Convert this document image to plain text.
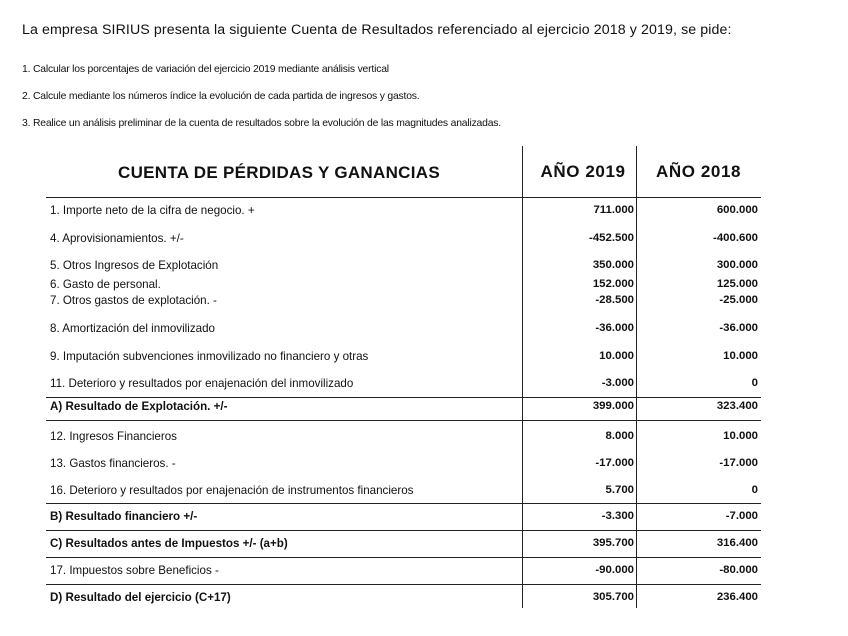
La empresa SIRIUS presenta la siguiente Cuenta de Resultados referenciado al ejercicio 2018 y 2019, se pide:
1. Calcular los porcentajes de variación del ejercicio 2019 mediante análisis vertical
2. Calcule mediante los números índice la evolución de cada partida de ingresos y gastos.
3. Realice un análisis preliminar de la cuenta de resultados sobre la evolución de las magnitudes analizadas.
CUENTA DE PÉRDIDAS Y GANANCIAS	AÑO 2019	AÑO 2018
1. Importe neto de la cifra de negocio. +	711.000	600.000
4. Aprovisionamientos. +/-	-452.500	-400.600
5. Otros Ingresos de Explotación	350.000	300.000
6. Gasto de personal.	152.000	125.000
7. Otros gastos de explotación. -	-28.500	-25.000
8. Amortización del inmovilizado	-36.000	-36.000
9. Imputación subvenciones inmovilizado no financiero y otras	10.000	10.000
11. Deterioro y resultados por enajenación del inmovilizado	-3.000	0
A) Resultado de Explotación. +/-	399.000	323.400
12. Ingresos Financieros	8.000	10.000
13. Gastos financieros. -	-17.000	-17.000
16. Deterioro y resultados por enajenación de instrumentos financieros	5.700	0
B) Resultado financiero +/-	-3.300	-7.000
C) Resultados antes de Impuestos +/- (a+b)	395.700	316.400
17. Impuestos sobre Beneficios -	-90.000	-80.000
D) Resultado del ejercicio (C+17)	305.700	236.400
